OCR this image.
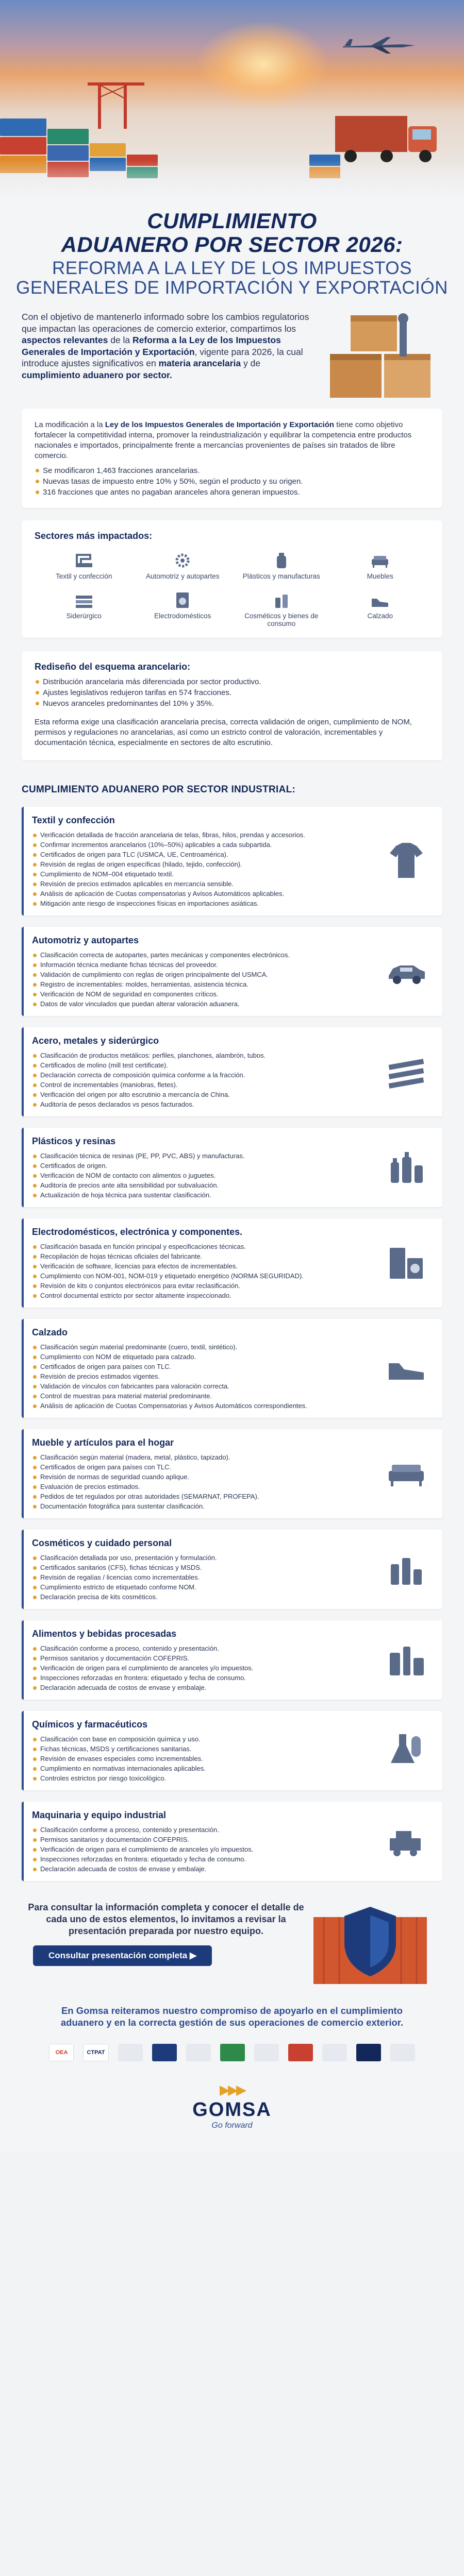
CUMPLIMIENTO
ADUANERO POR SECTOR 2026:
REFORMA A LA LEY DE LOS IMPUESTOS
GENERALES DE IMPORTACIÓN Y EXPORTACIÓN

Con el objetivo de mantenerlo informado sobre los cambios regulatorios que impactan las operaciones de comercio exterior, compartimos los aspectos relevantes de la Reforma a la Ley de los Impuestos Generales de Importación y Exportación, vigente para 2026, la cual introduce ajustes significativos en materia arancelaria y de cumplimiento aduanero por sector.

La modificación a la Ley de los Impuestos Generales de Importación y Exportación tiene como objetivo fortalecer la competitividad interna, promover la reindustrialización y equilibrar la competencia entre productos nacionales e importados, principalmente frente a mercancías provenientes de países sin tratados de libre comercio.

Se modificaron 1,463 fracciones arancelarias.
Nuevas tasas de impuesto entre 10% y 50%, según el producto y su origen.
316 fracciones que antes no pagaban aranceles ahora generan impuestos.
Sectores más impactados:
Textil y confección	Automotriz y autopartes	Plásticos y manufacturas	Muebles
Siderúrgico	Electrodomésticos	Cosméticos y bienes de consumo
Calzado
Rediseño del esquema arancelario:
Distribución arancelaria más diferenciada por sector productivo.
Ajustes legislativos redujeron tarifas en 574 fracciones.
Nuevos aranceles predominantes del 10% y 35%.

Esta reforma exige una clasificación arancelaria precisa, correcta validación de origen, cumplimiento de NOM, permisos y regulaciones no arancelarias, así como un estricto control de valoración, incrementables y documentación técnica, especialmente en sectores de alto escrutinio.

CUMPLIMIENTO ADUANERO POR SECTOR INDUSTRIAL:
Textil y confección
Verificación detallada de fracción arancelaria de telas, fibras, hilos, prendas y accesorios.
Confirmar incrementos arancelarios (10%–50%) aplicables a cada subpartida.
Certificados de origen para TLC (USMCA, UE, Centroamérica).
Revisión de reglas de origen específicas (hilado, tejido, confección).
Cumplimiento de NOM–004 etiquetado textil.
Revisión de precios estimados aplicables en mercancía sensible.
Análisis de aplicación de Cuotas compensatorias y Avisos Automáticos aplicables.
Mitigación ante riesgo de inspecciones físicas en importaciones asiáticas.
Automotriz y autopartes
Clasificación correcta de autopartes, partes mecánicas y componentes electrónicos.
Información técnica mediante fichas técnicas del proveedor.
Validación de cumplimiento con reglas de origen principalmente del USMCA.
Registro de incrementables: moldes, herramientas, asistencia técnica.
Verificación de NOM de seguridad en componentes críticos.
Datos de valor vinculados que puedan alterar valoración aduanera.
Acero, metales y siderúrgico
Clasificación de productos metálicos: perfiles, planchones, alambrón, tubos.
Certificados de molino (mill test certificate).
Declaración correcta de composición química conforme a la fracción.
Control de incrementables (maniobras, fletes).
Verificación del origen por alto escrutinio a mercancía de China.
Auditoría de pesos declarados vs pesos facturados.
Plásticos y resinas
Clasificación técnica de resinas (PE, PP, PVC, ABS) y manufacturas.
Certificados de origen.
Verificación de NOM de contacto con alimentos o juguetes.
Auditoría de precios ante alta sensibilidad por subvaluación.
Actualización de hoja técnica para sustentar clasificación.
Electrodomésticos, electrónica y componentes.
Clasificación basada en función principal y especificaciones técnicas.
Recopilación de hojas técnicas oficiales del fabricante.
Verificación de software, licencias para efectos de incrementables.
Cumplimiento con NOM-001, NOM-019 y etiquetado energético (NORMA SEGURIDAD).
Revisión de kits o conjuntos electrónicos para evitar reclasificación.
Control documental estricto por sector altamente inspeccionado.
Calzado
Clasificación según material predominante (cuero, textil, sintético).
Cumplimiento con NOM de etiquetado para calzado.
Certificados de origen para países con TLC.
Revisión de precios estimados vigentes.
Validación de vínculos con fabricantes para valoración correcta.
Control de muestras para material material predominante.
Análisis de aplicación de Cuotas Compensatorias y Avisos Automáticos correspondientes.
Mueble y artículos para el hogar
Clasificación según material (madera, metal, plástico, tapizado).
Certificados de origen para países con TLC.
Revisión de normas de seguridad cuando aplique.
Evaluación de precios estimados.
Pedidos de tet regulados por otras autoridades (SEMARNAT, PROFEPA).
Documentación fotográfica para sustentar clasificación.
Cosméticos y cuidado personal
Clasificación detallada por uso, presentación y formulación.
Certificados sanitarios (CFS), fichas técnicas y MSDS.
Revisión de regalías / licencias como incrementables.
Cumplimiento estricto de etiquetado conforme NOM.
Declaración precisa de kits cosméticos.
Alimentos y bebidas procesadas
Clasificación conforme a proceso, contenido y presentación.
Permisos sanitarios y documentación COFEPRIS.
Verificación de origen para el cumplimiento de aranceles y/o impuestos.
Inspecciones reforzadas en frontera: etiquetado y fecha de consumo.
Declaración adecuada de costos de envase y embalaje.
Químicos y farmacéuticos
Clasificación con base en composición química y uso.
Fichas técnicas, MSDS y certificaciones sanitarias.
Revisión de envases especiales como incrementables.
Cumplimiento en normativas internacionales aplicables.
Controles estrictos por riesgo toxicológico.
Maquinaria y equipo industrial
Clasificación conforme a proceso, contenido y presentación.
Permisos sanitarios y documentación COFEPRIS.
Verificación de origen para el cumplimiento de aranceles y/o impuestos.
Inspecciones reforzadas en frontera: etiquetado y fecha de consumo.
Declaración adecuada de costos de envase y embalaje.

Para consultar la información completa y conocer el detalle de cada uno de estos elementos, lo invitamos a revisar la presentación preparada por nuestro equipo.

Consultar presentación completa ▶
En Gomsa reiteramos nuestro compromiso de apoyarlo en el cumplimiento aduanero y en la correcta gestión de sus operaciones de comercio exterior.
OEA	CTPAT
▶▶▶
GOMSA
Go forward
